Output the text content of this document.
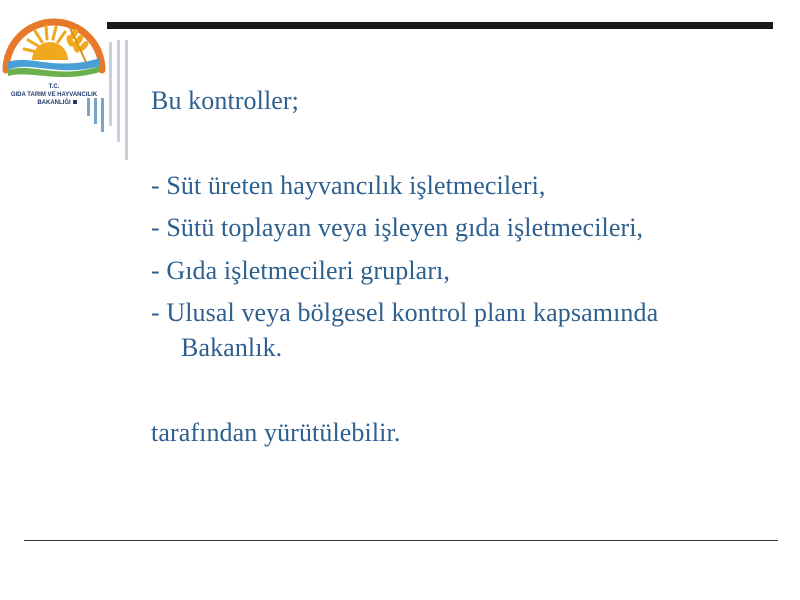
T.C.
GIDA TARIM VE HAYVANCILIK
BAKANLIĞI	Bu kontroller;
- Süt üreten hayvancılık işletmecileri,
- Sütü toplayan veya işleyen gıda işletmecileri,
- Gıda işletmecileri grupları,
- Ulusal veya bölgesel kontrol planı kapsamında
Bakanlık.
tarafından yürütülebilir.
